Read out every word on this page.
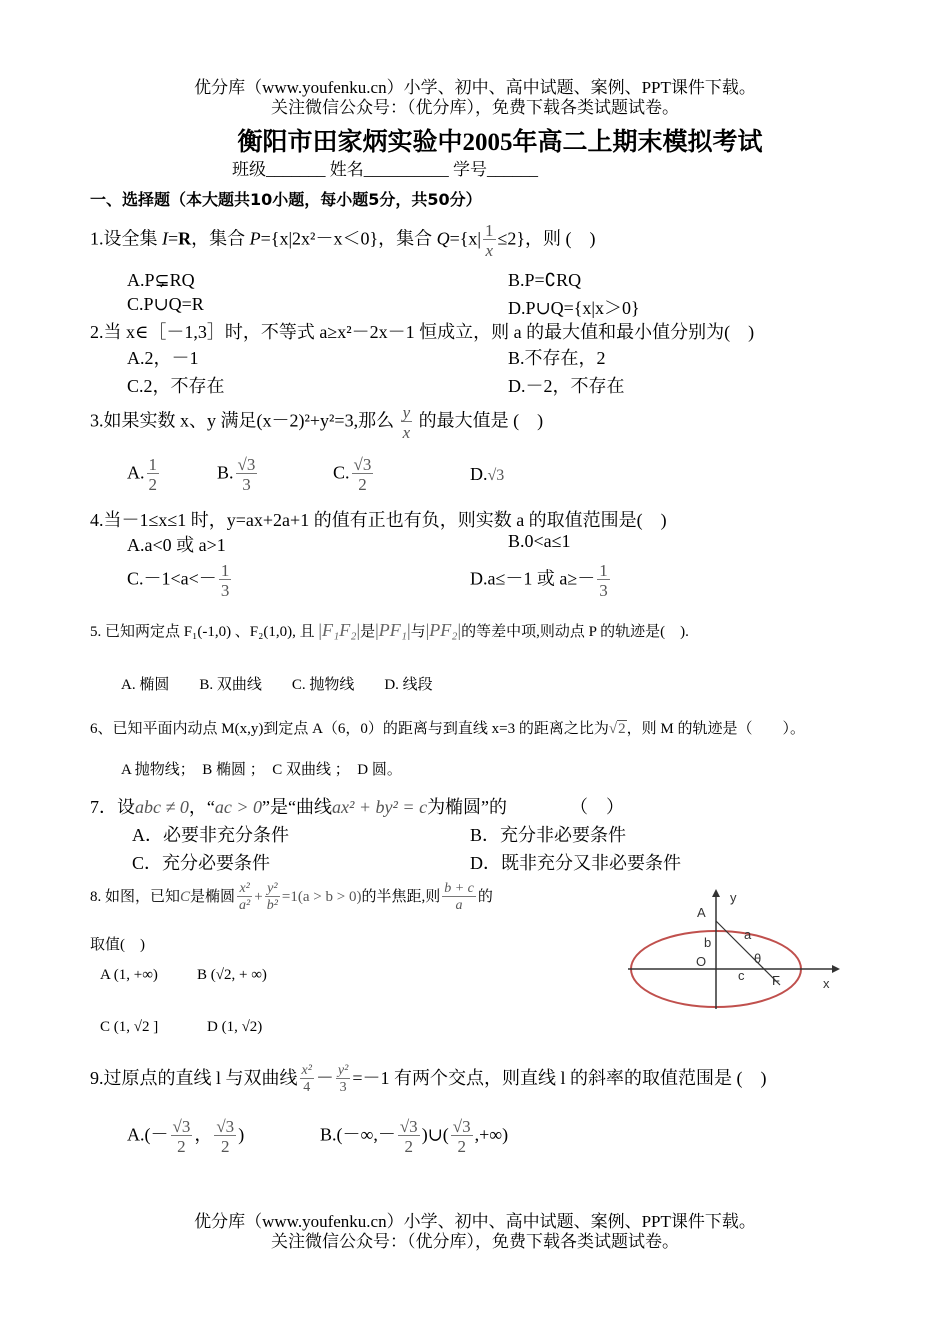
优分库（www.youfenku.cn）小学、初中、高中试题、案例、PPT课件下载。
关注微信公众号：（优分库），免费下载各类试题试卷。
衡阳市田家炳实验中2005年高二上期末模拟考试
班级_______ 姓名__________ 学号______
一、选择题（本大题共10小题，每小题5分，共50分）
1.设全集 I=R，集合 P={x|2x²－x＜0}，集合 $Q=\{x| \frac{1}{x} \le 2\}$，则 (　)
A.P⊊RQ	B.P=∁RQ
C.P∪Q=R	D.P∪Q={x|x＞0}
2.当 x∈［－1,3］时，不等式 a≥x²－2x－1 恒成立，则 a 的最大值和最小值分别为(　)
A.2，－1	B.不存在，2
C.2，不存在	D.－2，不存在
3.如果实数 x、y 满足(x－2)²+y²=3,那么 $\frac{y}{x}$ 的最大值是 (　)
A. $\frac{1}{2}$	B. $\frac{√3}{3}$	C. $\frac{√3}{2}$	D.√3
4.当－1≤x≤1 时，y=ax+2a+1 的值有正也有负，则实数 a 的取值范围是(　)
A.a<0 或 a>1	B.0<a≤1
$C.-1<a<- \frac{1}{3}$	D.a≤－1 或 $a\ge- \frac{1}{3}$
5. 已知两定点 F₁(-1,0) 、F₂(1,0), 且 |F₁F₂|是|PF₁|与|PF₂|的等差中项,则动点 P 的轨迹是(　).
A. 椭圆　　B. 双曲线　　C. 抛物线　　D. 线段
6、已知平面内动点 M(x,y)到定点 A（6，0）的距离与到直线 x=3 的距离之比为√2，则 M 的轨迹是（　　）。
A 抛物线；　B 椭圆 ；　C 双曲线 ；　D 圆。
7．设abc ≠ 0，“ac > 0”是“曲线ax² + by² = c为椭圆”的　　　　（　）
A．必要非充分条件	B．充分非必要条件
C．充分必要条件	D．既非充分又非必要条件
8. 如图，已知C是椭圆 $\frac{\text{x²}}{\text{a²}} + \frac{\text{y²}}{\text{b²}} =1(a > b > 0)$的半焦距,则 $\frac{b + c}{a}$ 的
取值(　)
A (1, +∞)	B (√2, + ∞)
C (1, √2 ]	D (1, √2)
x
y
A
b
O
c
a
θ
F
9.过原点的直线 l 与双曲线 $\frac{\text{x²}}{4} - \frac{\text{y²}}{3} =-1$ 有两个交点，则直线 l 的斜率的取值范围是 (　)
$A.(- \frac{√3}{2}$ ， $\frac{√3}{2}$ )	$B.(-\infty,- \frac{√3}{2}$ )∪( $\frac{√3}{2}$ ,+∞)
优分库（www.youfenku.cn）小学、初中、高中试题、案例、PPT课件下载。
关注微信公众号：（优分库），免费下载各类试题试卷。
